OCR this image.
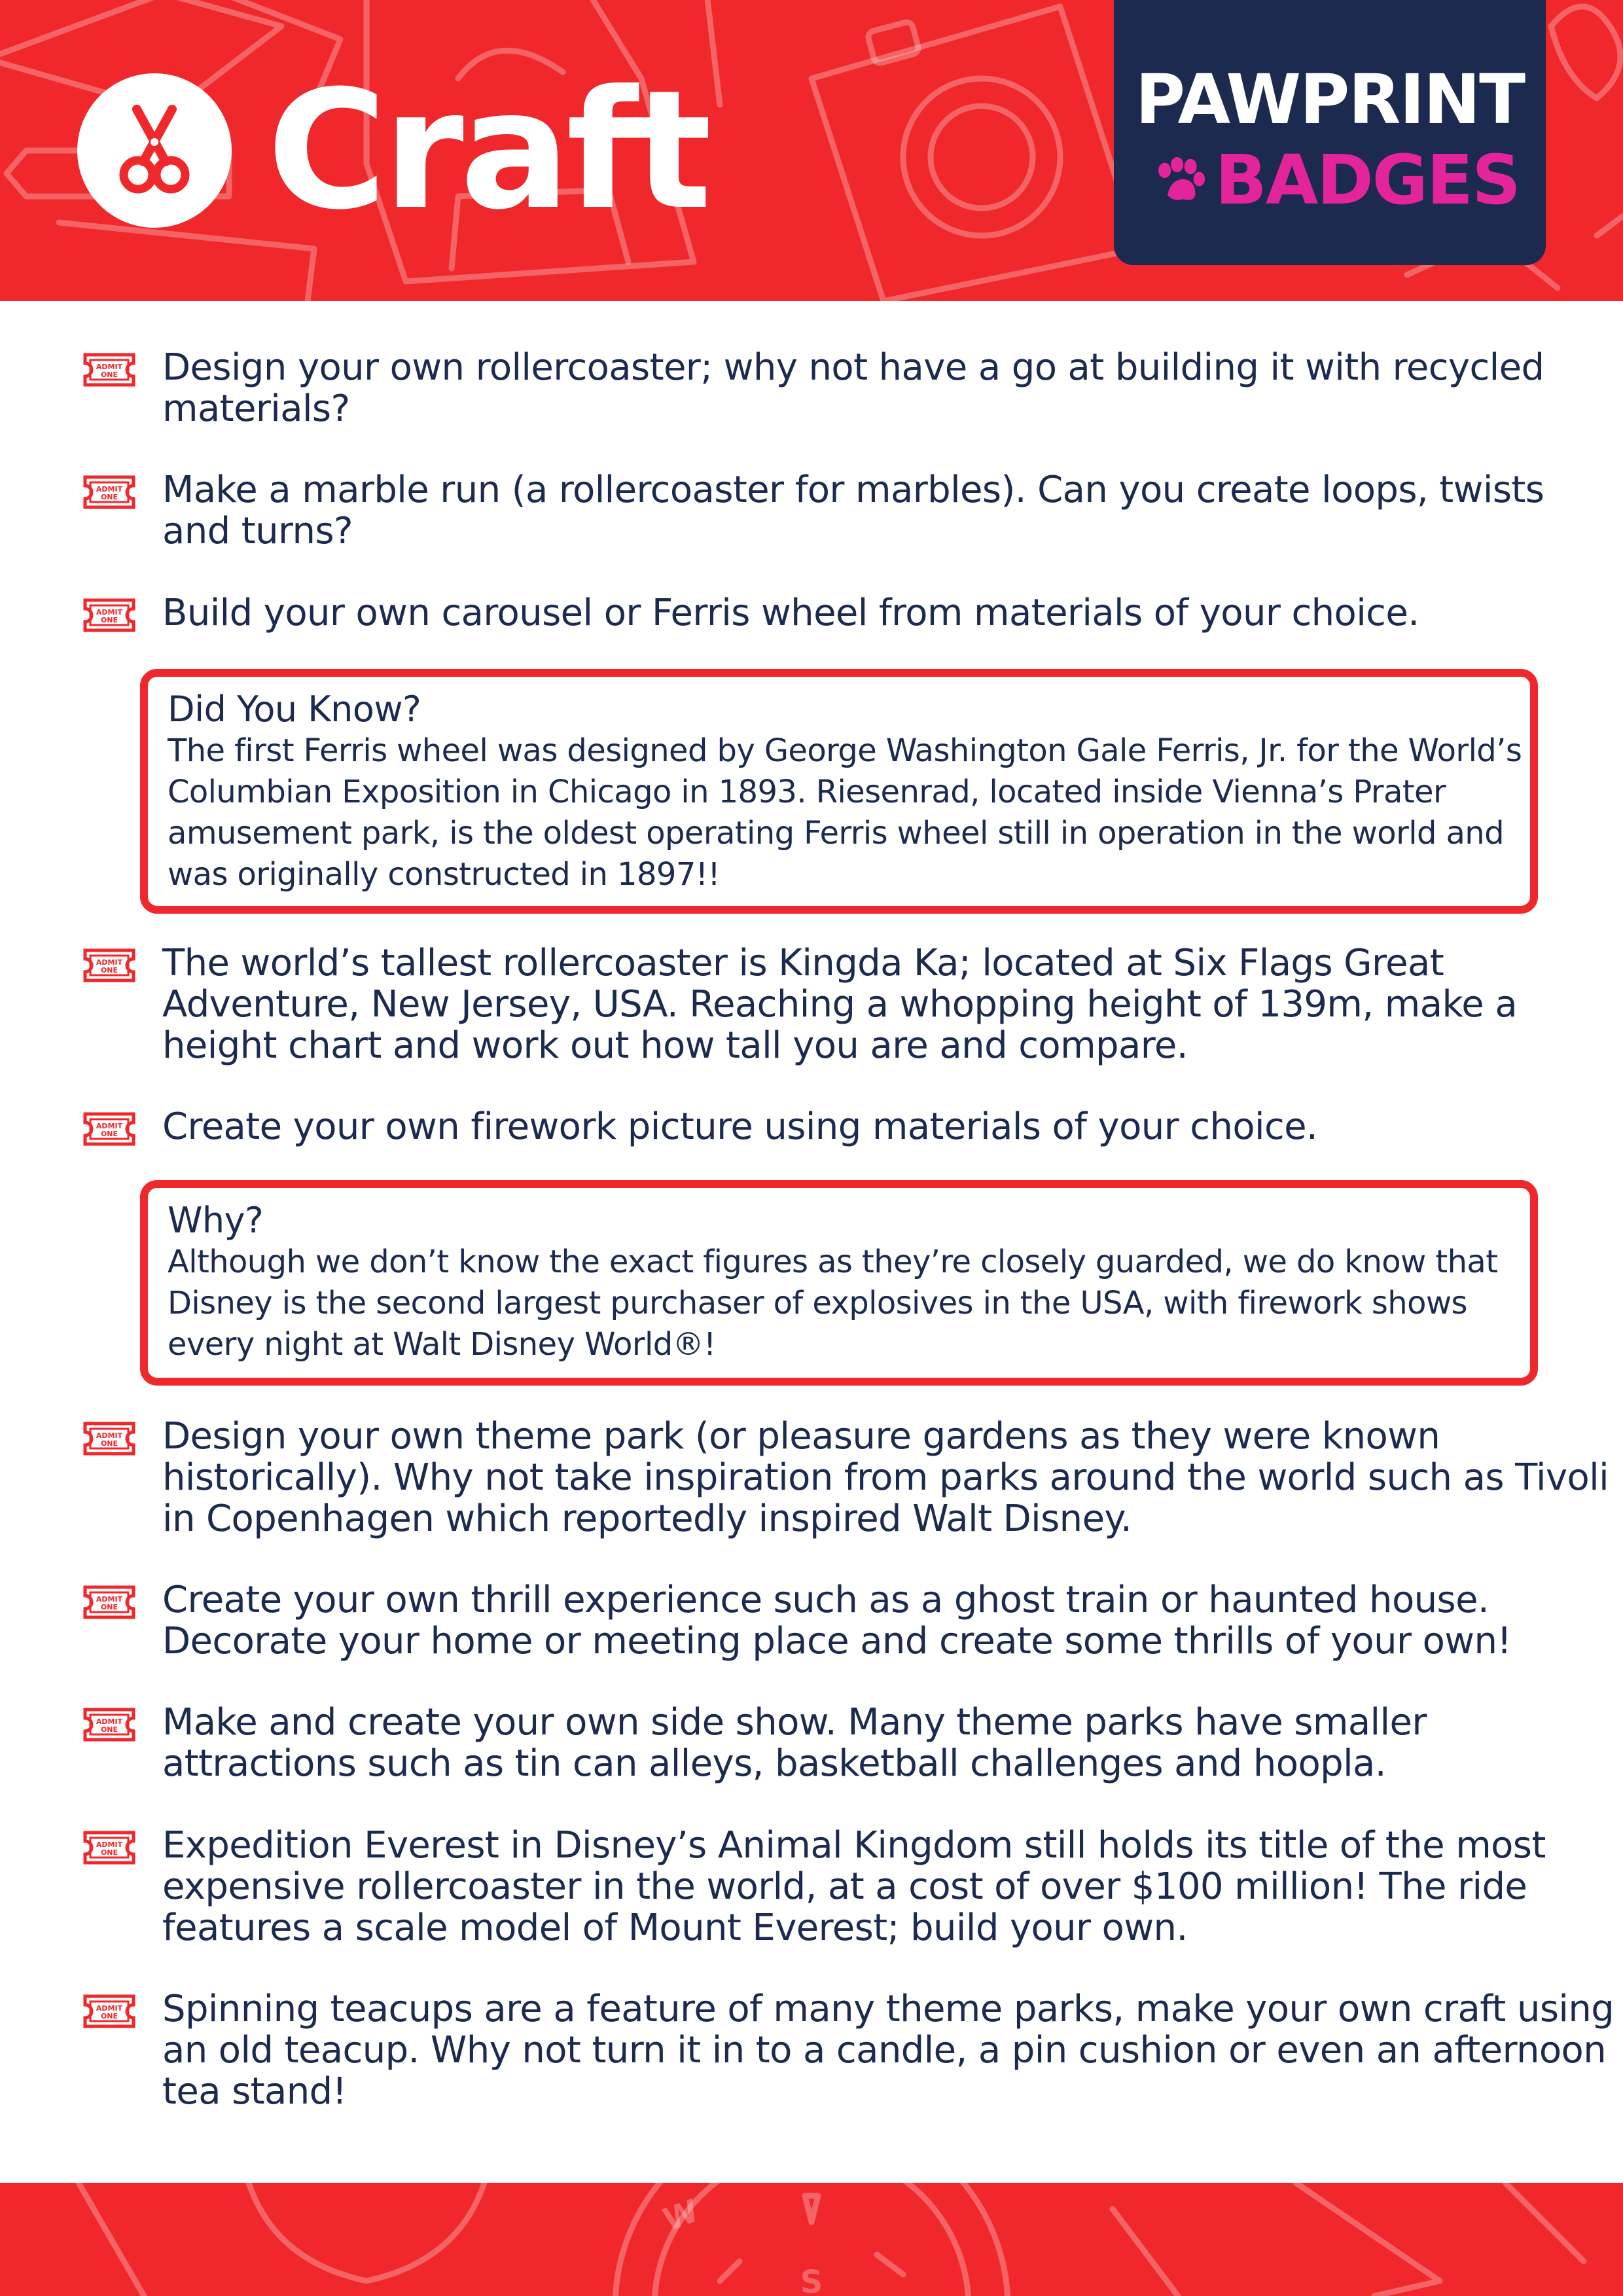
Craft	PAWPRINT
BADGES
ADMIT
ONE Design your own rollercoaster; why not have a go at building it with recycled materials?
ADMIT
ONE Make a marble run (a rollercoaster for marbles). Can you create loops, twists and turns?
ADMIT
ONE Build your own carousel or Ferris wheel from materials of your choice.
Did You Know?
The first Ferris wheel was designed by George Washington Gale Ferris, Jr. for the World’s Columbian Exposition in Chicago in 1893. Riesenrad, located inside Vienna’s Prater amusement park, is the oldest operating Ferris wheel still in operation in the world and was originally constructed in 1897!!
ADMIT
ONE The world’s tallest rollercoaster is Kingda Ka; located at Six Flags Great Adventure, New Jersey, USA. Reaching a whopping height of 139m, make a height chart and work out how tall you are and compare.
ADMIT
ONE Create your own firework picture using materials of your choice.
Why?
Although we don’t know the exact figures as they’re closely guarded, we do know that Disney is the second largest purchaser of explosives in the USA, with firework shows every night at Walt Disney World®!
ADMIT
ONE Design your own theme park (or pleasure gardens as they were known historically). Why not take inspiration from parks around the world such as Tivoli in Copenhagen which reportedly inspired Walt Disney.
ADMIT
ONE Create your own thrill experience such as a ghost train or haunted house. Decorate your home or meeting place and create some thrills of your own!
ADMIT
ONE Make and create your own side show. Many theme parks have smaller attractions such as tin can alleys, basketball challenges and hoopla.
ADMIT
ONE Expedition Everest in Disney’s Animal Kingdom still holds its title of the most expensive rollercoaster in the world, at a cost of over $100 million! The ride features a scale model of Mount Everest; build your own.
ADMIT
ONE Spinning teacups are a feature of many theme parks, make your own craft using an old teacup. Why not turn it in to a candle, a pin cushion or even an afternoon tea stand!
W
S
